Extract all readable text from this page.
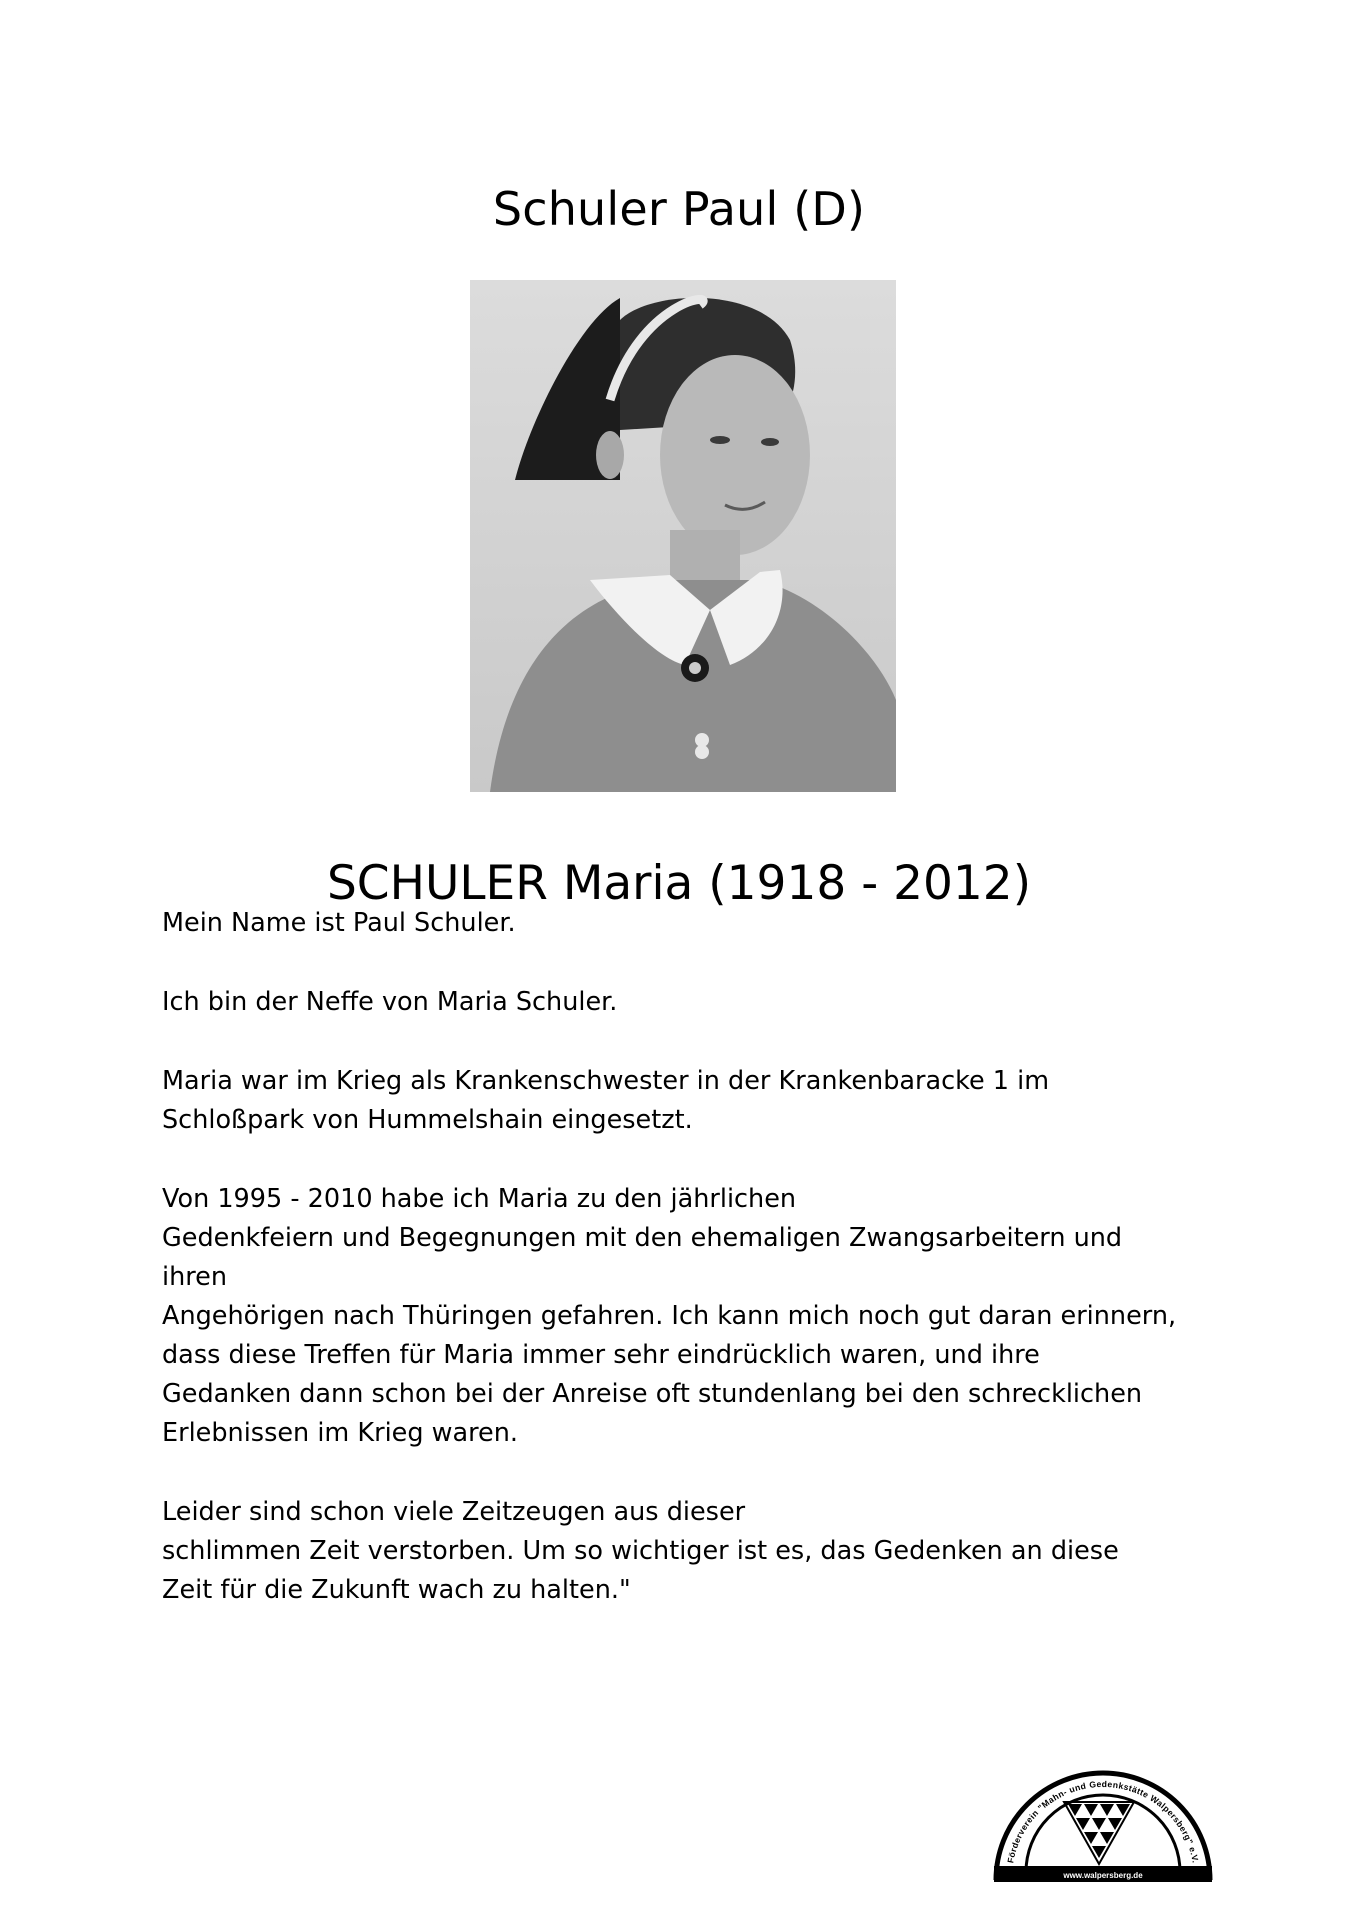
Schuler Paul (D)
SCHULER Maria (1918 - 2012)

Mein Name ist Paul Schuler.

Ich bin der Neffe von Maria Schuler.

Maria war im Krieg als Krankenschwester in der Krankenbaracke 1 im
Schloßpark von Hummelshain eingesetzt.

Von 1995 - 2010 habe ich Maria zu den jährlichen
Gedenkfeiern und Begegnungen mit den ehemaligen Zwangsarbeitern und
ihren
Angehörigen nach Thüringen gefahren. Ich kann mich noch gut daran erinnern,
dass diese Treffen für Maria immer sehr eindrücklich waren, und ihre
Gedanken dann schon bei der Anreise oft stundenlang bei den schrecklichen
Erlebnissen im Krieg waren.

Leider sind schon viele Zeitzeugen aus dieser
schlimmen Zeit verstorben. Um so wichtiger ist es, das Gedenken an diese
Zeit für die Zukunft wach zu halten."

www.walpersberg.de
Förderverein "Mahn- und Gedenkstätte Walpersberg" e.V.
